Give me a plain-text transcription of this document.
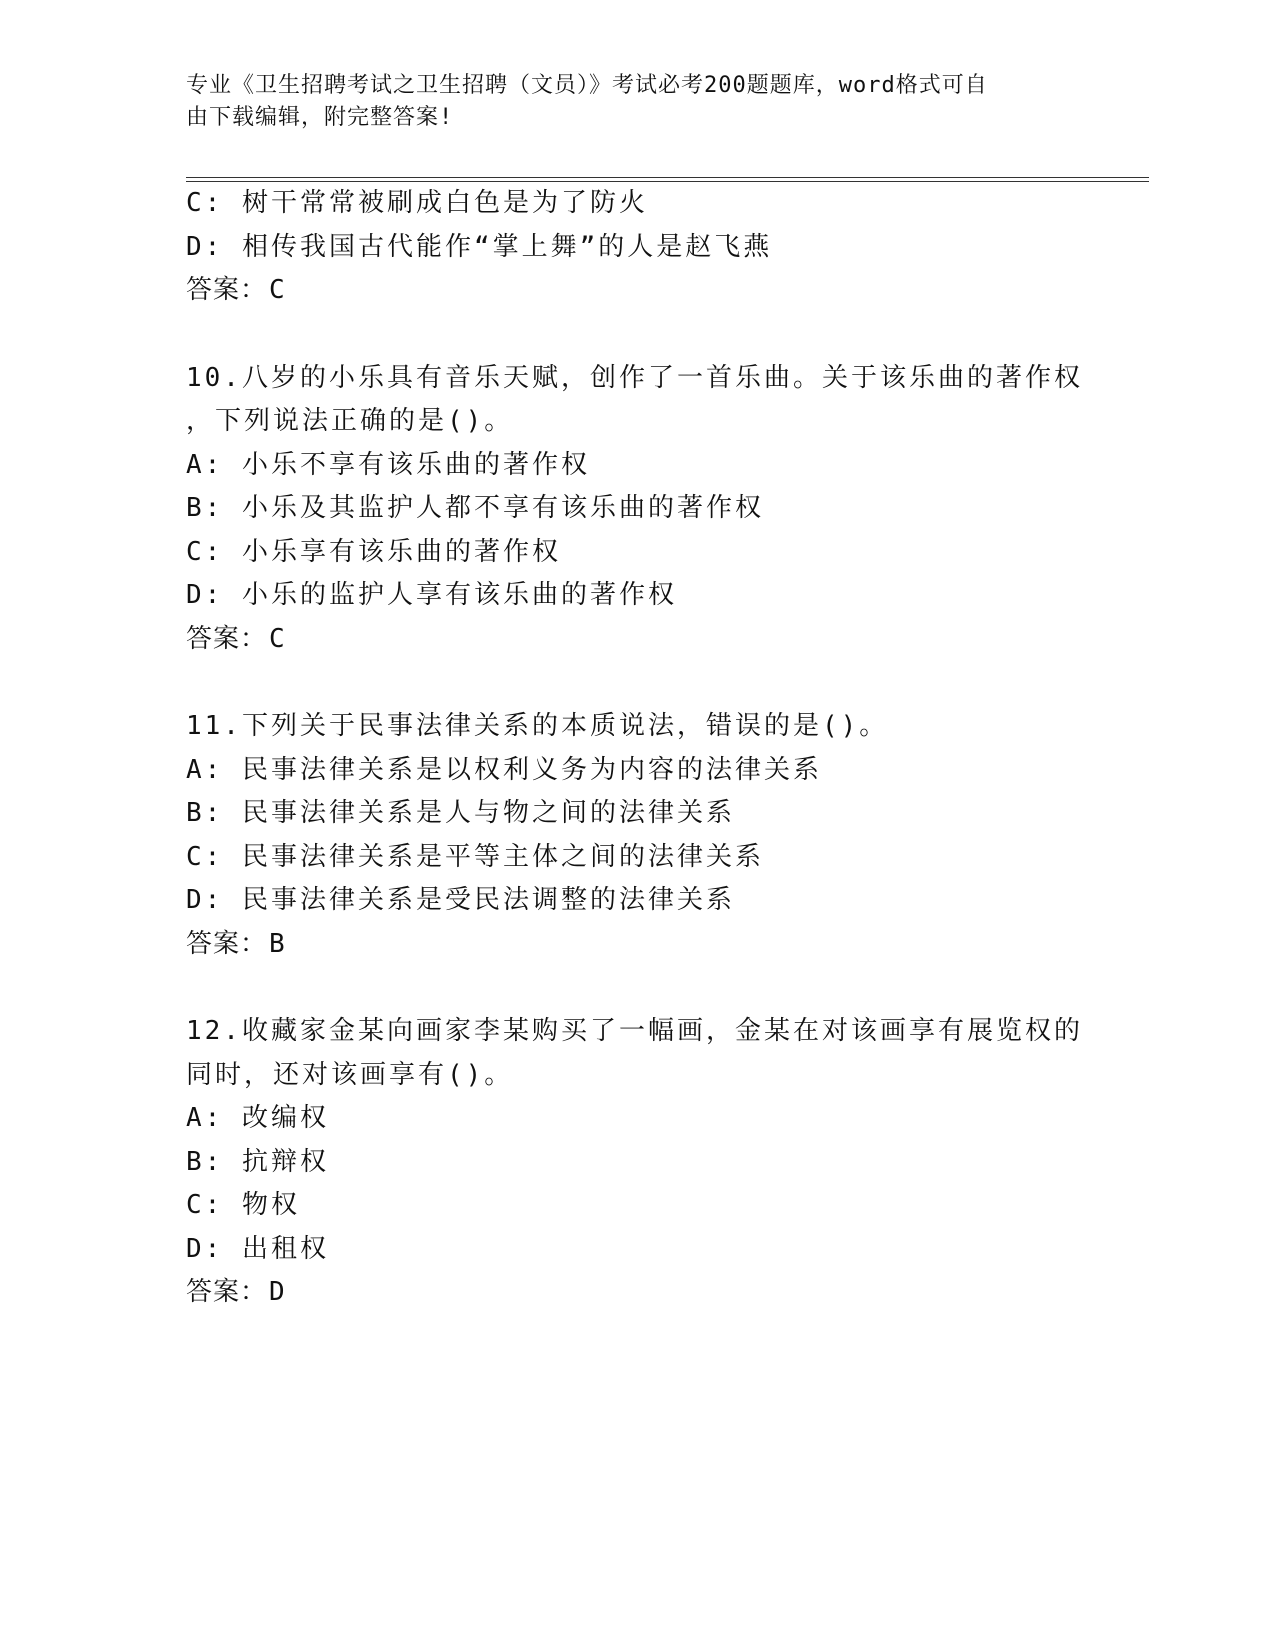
专业《卫生招聘考试之卫生招聘（文员）》考试必考200题题库，word格式可自
由下载编辑，附完整答案!
C: 树干常常被刷成白色是为了防火
D: 相传我国古代能作“掌上舞”的人是赵飞燕
答案：C
10.八岁的小乐具有音乐天赋，创作了一首乐曲。关于该乐曲的著作权
，下列说法正确的是()。
A: 小乐不享有该乐曲的著作权
B: 小乐及其监护人都不享有该乐曲的著作权
C: 小乐享有该乐曲的著作权
D: 小乐的监护人享有该乐曲的著作权
答案：C
11.下列关于民事法律关系的本质说法，错误的是()。
A: 民事法律关系是以权利义务为内容的法律关系
B: 民事法律关系是人与物之间的法律关系
C: 民事法律关系是平等主体之间的法律关系
D: 民事法律关系是受民法调整的法律关系
答案：B
12.收藏家金某向画家李某购买了一幅画，金某在对该画享有展览权的
同时，还对该画享有()。
A: 改编权
B: 抗辩权
C: 物权
D: 出租权
答案：D
